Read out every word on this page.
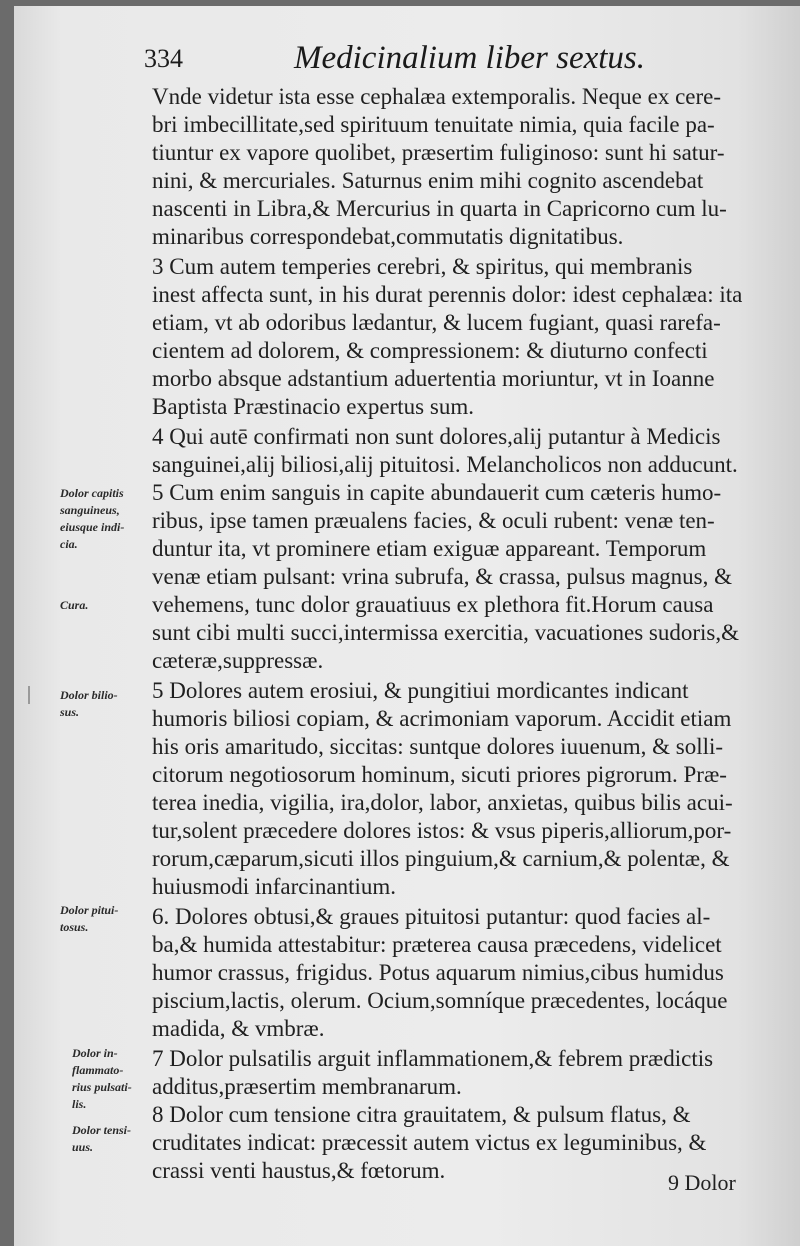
334	Medicinalium liber sextus.
Dolor capitis
sanguineus,
eiusque indi-
cia.
Cura.
Dolor bilio-
sus.
Dolor pitui-
tosus.
Dolor in-
flammato-
rius pulsati-
lis.
Dolor tensi-
uus.
Vnde videtur ista esse cephalæa extemporalis. Neque ex cere-
bri imbecillitate,sed spirituum tenuitate nimia, quia facile pa-
tiuntur ex vapore quolibet, præsertim fuliginoso: sunt hi satur-
nini, & mercuriales. Saturnus enim mihi cognito ascendebat
nascenti in Libra,& Mercurius in quarta in Capricorno cum lu-
minaribus correspondebat,commutatis dignitatibus.
3 Cum autem temperies cerebri, & spiritus, qui membranis
inest affecta sunt, in his durat perennis dolor: idest cephalæa: ita
etiam, vt ab odoribus lædantur, & lucem fugiant, quasi rarefa-
cientem ad dolorem, & compressionem: & diuturno confecti
morbo absque adstantium aduertentia moriuntur, vt in Ioanne
Baptista Præstinacio expertus sum.
4 Qui autē confirmati non sunt dolores,alij putantur à Medicis
sanguinei,alij biliosi,alij pituitosi. Melancholicos non adducunt.
5 Cum enim sanguis in capite abundauerit cum cæteris humo-
ribus, ipse tamen præualens facies, & oculi rubent: venæ ten-
duntur ita, vt prominere etiam exiguæ appareant. Temporum
venæ etiam pulsant: vrina subrufa, & crassa, pulsus magnus, &
vehemens, tunc dolor grauatiuus ex plethora fit.Horum causa
sunt cibi multi succi,intermissa exercitia, vacuationes sudoris,&
cæteræ,suppressæ.
5 Dolores autem erosiui, & pungitiui mordicantes indicant
humoris biliosi copiam, & acrimoniam vaporum. Accidit etiam
his oris amaritudo, siccitas: suntque dolores iuuenum, & solli-
citorum negotiosorum hominum, sicuti priores pigrorum. Præ-
terea inedia, vigilia, ira,dolor, labor, anxietas, quibus bilis acui-
tur,solent præcedere dolores istos: & vsus piperis,alliorum,por-
rorum,cæparum,sicuti illos pinguium,& carnium,& polentæ, &
huiusmodi infarcinantium.
6. Dolores obtusi,& graues pituitosi putantur: quod facies al-
ba,& humida attestabitur: præterea causa præcedens, videlicet
humor crassus, frigidus. Potus aquarum nimius,cibus humidus
piscium,lactis, olerum. Ocium,somníque præcedentes, locáque
madida, & vmbræ.
7 Dolor pulsatilis arguit inflammationem,& febrem prædictis
additus,præsertim membranarum.
8 Dolor cum tensione citra grauitatem, & pulsum flatus, &
cruditates indicat: præcessit autem victus ex leguminibus, &
crassi venti haustus,& fœtorum.	9 Dolor
